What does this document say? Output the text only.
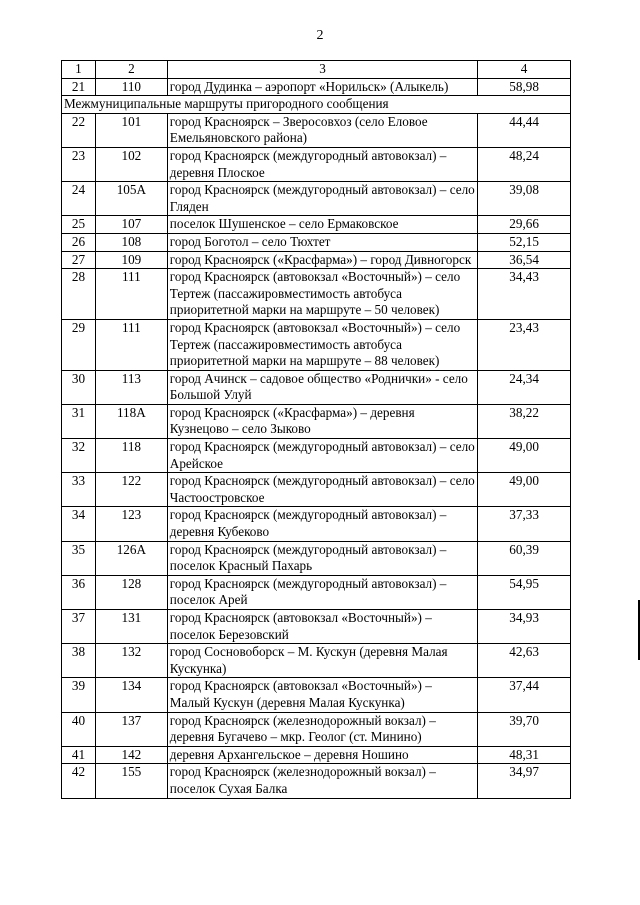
2
1	2	3	4
21	110	город Дудинка – аэропорт «Норильск» (Алыкель)	58,98
Межмуниципальные маршруты пригородного сообщения			
22	101	город Красноярск – Зверосовхоз (село Еловое Емельяновского района)	44,44
23	102	город Красноярск (междугородный автовокзал) – деревня Плоское	48,24
24	105А	город Красноярск (междугородный автовокзал) – село Гляден	39,08
25	107	поселок Шушенское – село Ермаковское	29,66
26	108	город Боготол – село Тюхтет	52,15
27	109	город Красноярск («Красфарма») – город Дивногорск	36,54
28	111	город Красноярск (автовокзал «Восточный») – село Тертеж (пассажировместимость автобуса приоритетной марки на маршруте – 50 человек)	34,43
29	111	город Красноярск (автовокзал «Восточный») – село Тертеж (пассажировместимость автобуса приоритетной марки на маршруте – 88 человек)	23,43
30	113	город Ачинск – садовое общество «Роднички» - село Большой Улуй	24,34
31	118А	город Красноярск («Красфарма») – деревня Кузнецово – село Зыково	38,22
32	118	город Красноярск (междугородный автовокзал) – село Арейское	49,00
33	122	город Красноярск (междугородный автовокзал) – село Частоостровское	49,00
34	123	город Красноярск (междугородный автовокзал) – деревня Кубеково	37,33
35	126А	город Красноярск (междугородный автовокзал) – поселок Красный Пахарь	60,39
36	128	город Красноярск (междугородный автовокзал) – поселок Арей	54,95
37	131	город Красноярск (автовокзал «Восточный») – поселок Березовский	34,93
38	132	город Сосновоборск – М. Кускун (деревня Малая Кускунка)	42,63
39	134	город Красноярск (автовокзал «Восточный») – Малый Кускун (деревня Малая Кускунка)	37,44
40	137	город Красноярск (железнодорожный вокзал) – деревня Бугачево – мкр. Геолог (ст. Минино)	39,70
41	142	деревня Архангельское – деревня Ношино	48,31
42	155	город Красноярск (железнодорожный вокзал) – поселок Сухая Балка	34,97
